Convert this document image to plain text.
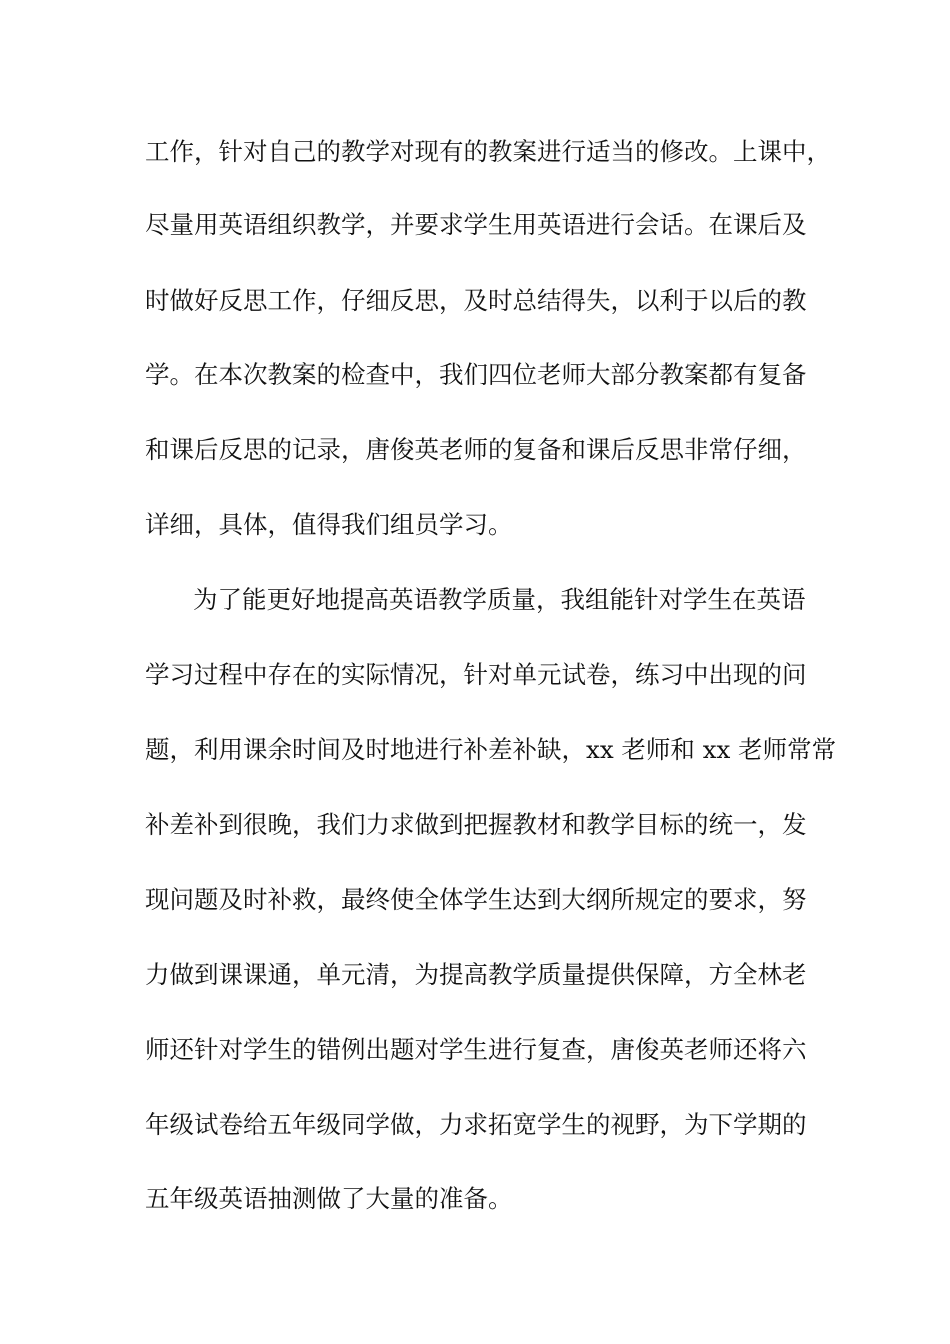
工作，针对自己的教学对现有的教案进行适当的修改。上课中，
尽量用英语组织教学，并要求学生用英语进行会话。在课后及
时做好反思工作，仔细反思，及时总结得失，以利于以后的教
学。在本次教案的检查中，我们四位老师大部分教案都有复备
和课后反思的记录，唐俊英老师的复备和课后反思非常仔细，
详细，具体，值得我们组员学习。
为了能更好地提高英语教学质量，我组能针对学生在英语
学习过程中存在的实际情况，针对单元试卷，练习中出现的问
题，利用课余时间及时地进行补差补缺，xx 老师和 xx 老师常常
补差补到很晚，我们力求做到把握教材和教学目标的统一，发
现问题及时补救，最终使全体学生达到大纲所规定的要求，努
力做到课课通，单元清，为提高教学质量提供保障，方全林老
师还针对学生的错例出题对学生进行复查，唐俊英老师还将六
年级试卷给五年级同学做，力求拓宽学生的视野，为下学期的
五年级英语抽测做了大量的准备。
